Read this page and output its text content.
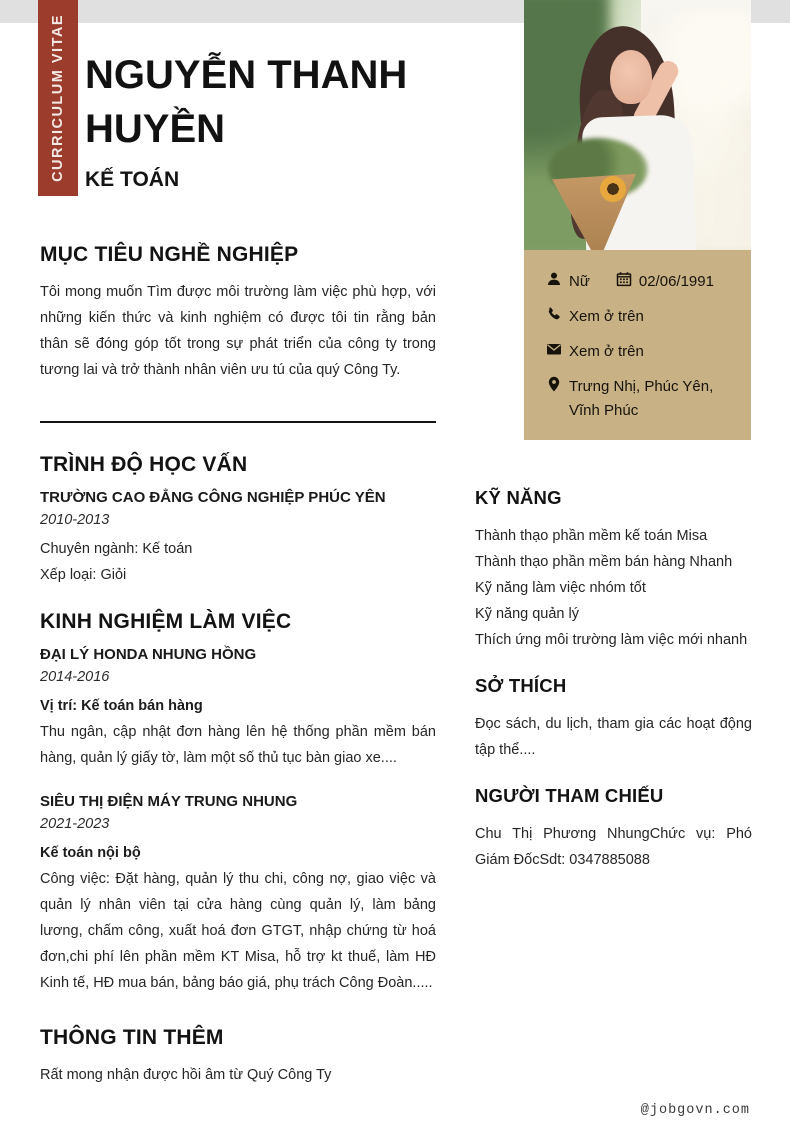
CURRICULUM VITAE NGUYỄN THANH HUYỀN
KẾ TOÁN
Nữ	02/06/1991
Xem ở trên
Xem ở trên
Trưng Nhị, Phúc Yên, Vĩnh Phúc
MỤC TIÊU NGHỀ NGHIỆP

Tôi mong muốn Tìm được môi trường làm việc phù hợp, với những kiến thức và kinh nghiệm có được tôi tin rằng bản thân sẽ đóng góp tốt trong sự phát triển của công ty trong tương lai và trở thành nhân viên ưu tú của quý Công Ty.

TRÌNH ĐỘ HỌC VẤN

TRƯỜNG CAO ĐẲNG CÔNG NGHIỆP PHÚC YÊN

2010-2013

Chuyên ngành: Kế toán

Xếp loại: Giỏi

KINH NGHIỆM LÀM VIỆC

ĐẠI LÝ HONDA NHUNG HỒNG

2014-2016

Vị trí: Kế toán bán hàng

Thu ngân, cập nhật đơn hàng lên hệ thống phần mềm bán hàng, quản lý giấy tờ, làm một số thủ tục bàn giao xe....

SIÊU THỊ ĐIỆN MÁY TRUNG NHUNG

2021-2023

Kế toán nội bộ

Công việc: Đặt hàng, quản lý thu chi, công nợ, giao việc và quản lý nhân viên tại cửa hàng cùng quản lý, làm bảng lương, chấm công, xuất hoá đơn GTGT, nhập chứng từ hoá đơn,chi phí lên phần mềm KT Misa, hỗ trợ kt thuế, làm HĐ Kinh tế, HĐ mua bán, bảng báo giá, phụ trách Công Đoàn.....

THÔNG TIN THÊM

Rất mong nhận được hồi âm từ Quý Công Ty

KỸ NĂNG
Thành thạo phần mềm kế toán Misa
Thành thạo phần mềm bán hàng Nhanh
Kỹ năng làm việc nhóm tốt
Kỹ năng quản lý
Thích ứng môi trường làm việc mới nhanh
SỞ THÍCH

Đọc sách, du lịch, tham gia các hoạt động tập thể....

NGƯỜI THAM CHIẾU

Chu Thị Phương NhungChức vụ: Phó Giám ĐốcSdt: 0347885088

@jobgovn.com
